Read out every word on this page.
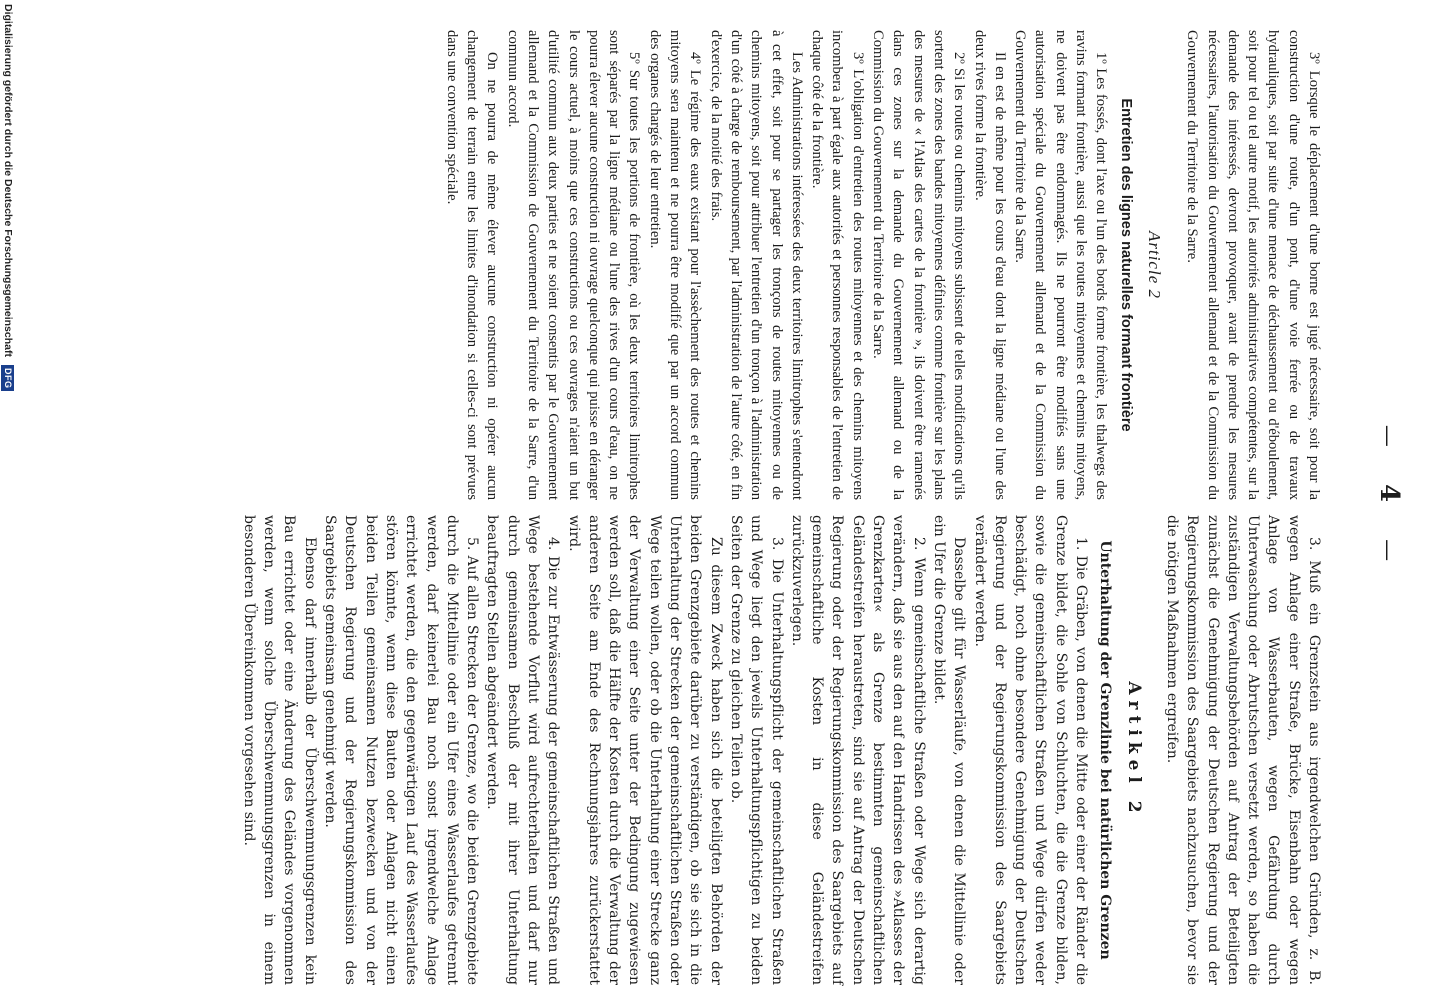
— 4 —

3º Lorsque le déplacement d'une borne est jugé nécessaire, soit pour la construction d'une route, d'un pont, d'une voie ferrée ou de travaux hydrauliques, soit par suite d'une menace de déchaussement ou d'éboulement, soit pour tel ou tel autre motif, les autorités administratives compétentes, sur la demande des intéressés, devront provoquer, avant de prendre les mesures nécessaires, l'autorisation du Gouvernement allemand et de la Commission du Gouvernement du Territoire de la Sarre.

Article 2
Entretien des lignes naturelles formant frontière

1º Les fossés, dont l'axe ou l'un des bords forme frontière, les thalwegs des ravins formant frontière, aussi que les routes mitoyennes et chemins mitoyens, ne doivent pas être endommagés. Ils ne pourront être modifiés sans une autorisation spéciale du Gouvernement allemand et de la Commission du Gouvernement du Territoire de la Sarre.

Il en est de même pour les cours d'eau dont la ligne médiane ou l'une des deux rives forme la frontière.

2º Si les routes ou chemins mitoyens subissent de telles modifications qu'ils sortent des zones des bandes mitoyennes définies comme frontière sur les plans des mesures de « l'Atlas des cartes de la frontière », ils doivent être ramenés dans ces zones sur la demande du Gouvernement allemand ou de la Commission du Gouvernement du Territoire de la Sarre.

3º L'obligation d'entretien des routes mitoyennes et des chemins mitoyens incombera à part égale aux autorités et personnes responsables de l'entretien de chaque côté de la frontière.

Les Administrations intéressées des deux territoires limitrophes s'entendront à cet effet, soit pour se partager les tronçons de routes mitoyennes ou de chemins mitoyens, soit pour attribuer l'entretien d'un tronçon à l'administration d'un côté à charge de remboursement, par l'administration de l'autre côté, en fin d'exercice, de la moitié des frais.

4º Le régime des eaux existant pour l'assèchement des routes et chemins mitoyens sera maintenu et ne pourra être modifié que par un accord commun des organes chargés de leur entretien.

5º Sur toutes les portions de frontière, où les deux territoires limitrophes sont séparés par la ligne médiane ou l'une des rives d'un cours d'eau, on ne pourra élever aucune construction ni ouvrage quelconque qui puisse en déranger le cours actuel, à moins que ces constructions ou ces ouvrages n'aient un but d'utilité commun aux deux parties et ne soient consentis par le Gouvernement allemand et la Commission de Gouvernement du Territoire de la Sarre, d'un commun accord.

On ne pourra de même élever aucune construction ni opérer aucun changement de terrain entre les limites d'inondation si celles-ci sont prévues dans une convention spéciale.

3. Muß ein Grenzstein aus irgendwelchen Gründen, z. B. wegen Anlage einer Straße, Brücke, Eisenbahn oder wegen Anlage von Wasserbauten, wegen Gefährdung durch Unterwaschung oder Abrutschen versetzt werden, so haben die zuständigen Verwaltungsbehörden auf Antrag der Beteiligten zunächst die Genehmigung der Deutschen Regierung und der Regierungskommission des Saargebiets nachzusuchen, bevor sie die nötigen Maßnahmen ergreifen.

Artikel 2
Unterhaltung der Grenzlinie bei natürlichen Grenzen

1. Die Gräben, von denen die Mitte oder einer der Ränder die Grenze bildet, die Sohle von Schluchten, die die Grenze bilden, sowie die gemeinschaftlichen Straßen und Wege dürfen weder beschädigt, noch ohne besondere Genehmigung der Deutschen Regierung und der Regierungskommission des Saargebiets verändert werden.

Dasselbe gilt für Wasserläufe, von denen die Mittellinie oder ein Ufer die Grenze bildet.

2. Wenn gemeinschaftliche Straßen oder Wege sich derartig verändern, daß sie aus den auf den Handrissen des »Atlasses der Grenzkarten« als Grenze bestimmten gemeinschaftlichen Geländestreifen heraustreten, sind sie auf Antrag der Deutschen Regierung oder der Regierungskommission des Saargebiets auf gemeinschaftliche Kosten in diese Geländestreifen zurückzuverlegen.

3. Die Unterhaltungspflicht der gemeinschaftlichen Straßen und Wege liegt den jeweils Unterhaltungspflichtigen zu beiden Seiten der Grenze zu gleichen Teilen ob.

Zu diesem Zweck haben sich die beteiligten Behörden der beiden Grenzgebiete darüber zu verständigen, ob sie sich in die Unterhaltung der Strecken der gemeinschaftlichen Straßen oder Wege teilen wollen, oder ob die Unterhaltung einer Strecke ganz der Verwaltung einer Seite unter der Bedingung zugewiesen werden soll, daß die Hälfte der Kosten durch die Verwaltung der anderen Seite am Ende des Rechnungsjahres zurückerstattet wird.

4. Die zur Entwässerung der gemeinschaftlichen Straßen und Wege bestehende Vorflut wird aufrechterhalten und darf nur durch gemeinsamen Beschluß der mit ihrer Unterhaltung beauftragten Stellen abgeändert werden.

5. Auf allen Strecken der Grenze, wo die beiden Grenzgebiete durch die Mittellinie oder ein Ufer eines Wasserlaufes getrennt werden, darf keinerlei Bau noch sonst irgendwelche Anlage errichtet werden, die den gegenwärtigen Lauf des Wasserlaufes stören könnte, wenn diese Bauten oder Anlagen nicht einen beiden Teilen gemeinsamen Nutzen bezwecken und von der Deutschen Regierung und der Regierungskommission des Saargebiets gemeinsam genehmigt werden.

Ebenso darf innerhalb der Überschwemmungsgrenzen kein Bau errichtet oder eine Änderung des Geländes vorgenommen werden, wenn solche Überschwemmungsgrenzen in einem besonderen Übereinkommen vorgesehen sind.

Digitalisierung gefördert durch die Deutsche Forschungsgemeinschaft
DFG
